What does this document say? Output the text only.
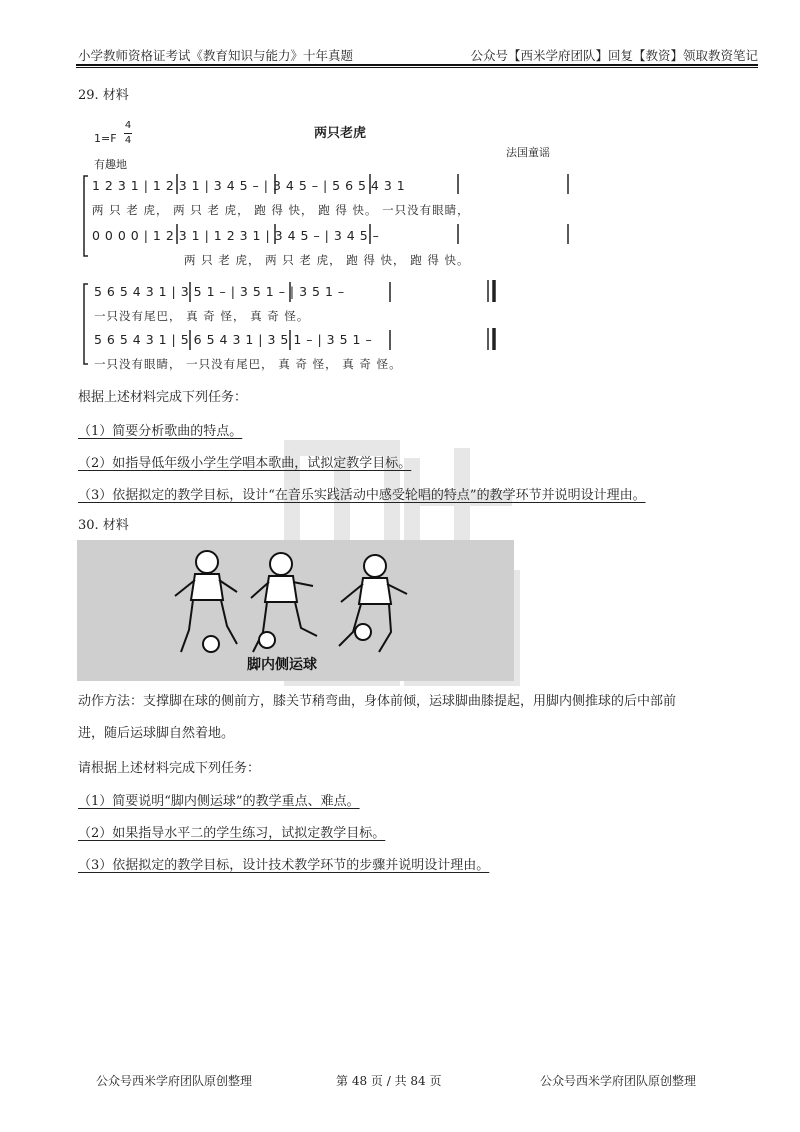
小学教师资格证考试《教育知识与能力》十年真题	公众号【西米学府团队】回复【教资】领取教资笔记
29. 材料
1=F
4
4	两只老虎
有趣地
法国童谣
1 2 3 1 | 1 2 3 1 | 3 4 5 – | 3 4 5 – | 5 6 5 4 3 1
两 只 老 虎， 两 只 老 虎， 跑 得 快， 跑 得 快。 一只没有眼睛，
0 0 0 0 | 1 2 3 1 | 1 2 3 1 | 3 4 5 – | 3 4 5 –
两 只 老 虎， 两 只 老 虎， 跑 得 快， 跑 得 快。
5 6 5 4 3 1 | 3 5 1 – | 3 5 1 – | 3 5 1 –
一只没有尾巴， 真 奇 怪， 真 奇 怪。
5 6 5 4 3 1 | 5 6 5 4 3 1 | 3 5 1 – | 3 5 1 –
一只没有眼睛， 一只没有尾巴， 真 奇 怪， 真 奇 怪。
根据上述材料完成下列任务：
（1）简要分析歌曲的特点。
（2）如指导低年级小学生学唱本歌曲，试拟定教学目标。
（3）依据拟定的教学目标，设计“在音乐实践活动中感受轮唱的特点”的教学环节并说明设计理由。
30. 材料
脚内侧运球
动作方法：支撑脚在球的侧前方，膝关节稍弯曲，身体前倾，运球脚曲膝提起，用脚内侧推球的后中部前
进，随后运球脚自然着地。
请根据上述材料完成下列任务：
（1）简要说明“脚内侧运球”的教学重点、难点。
（2）如果指导水平二的学生练习，试拟定教学目标。
（3）依据拟定的教学目标，设计技术教学环节的步骤并说明设计理由。
公众号西米学府团队原创整理	第 48 页 / 共 84 页	公众号西米学府团队原创整理
